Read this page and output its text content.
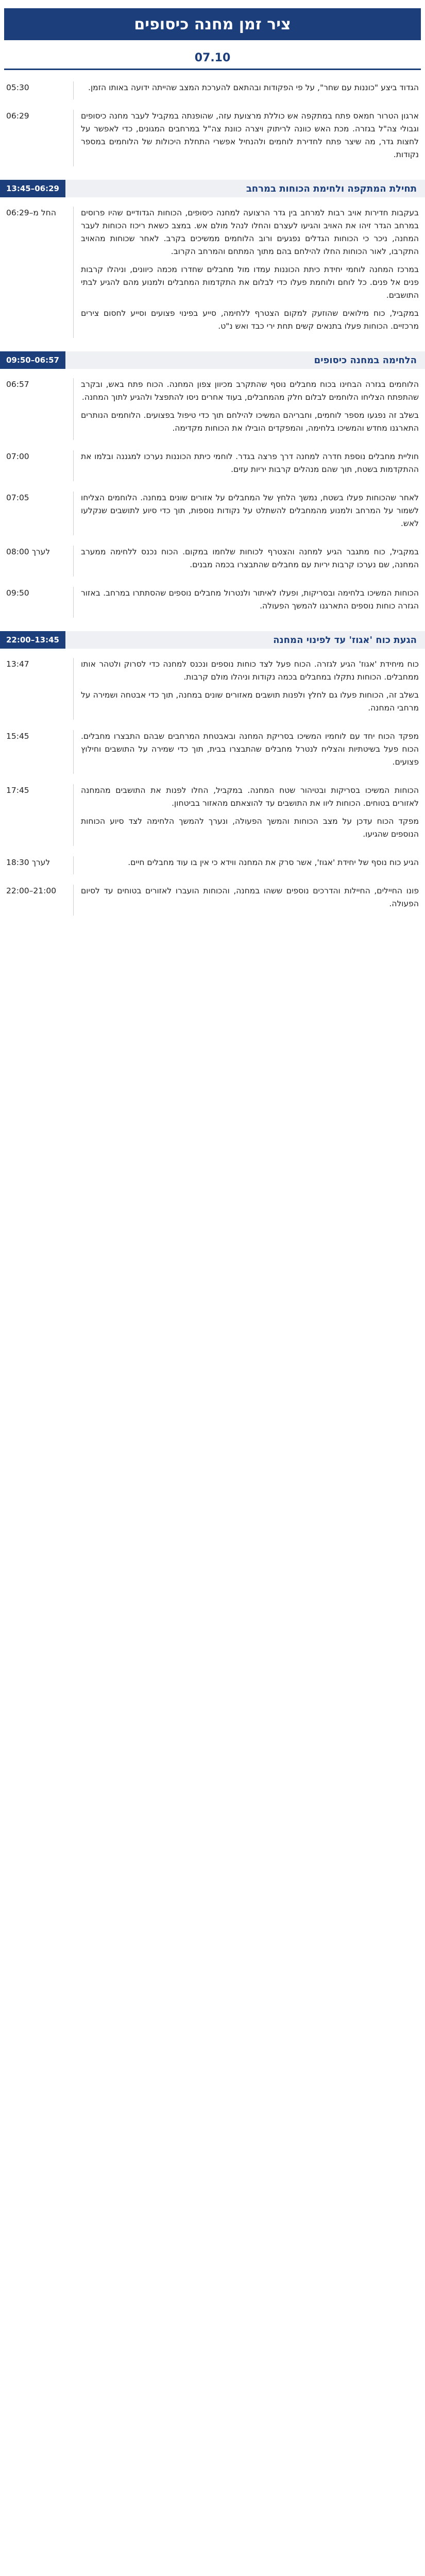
ציר זמן מחנה כיסופים
07.10

הגדוד ביצע "כוננות עם שחר", על פי הפקודות ובהתאם להערכת המצב שהייתה ידועה באותו הזמן.

05:30

ארגון הטרור חמאס פתח במתקפה אש כוללת מרצועת עזה, שהופנתה במקביל לעבר מחנה כיסופים וגבולי צה"ל בגזרה. מכת האש כוונה לריתוק ויצרה כוונת צה"ל במרחבים המגונים, כדי לאפשר על לחצות גדר, מה שיצר פתח לחדירת לוחמים ולהנחיל אפשרי התחלת היכולות של הלוחמים במספר נקודות.

06:29
תחילת המתקפה ולחימת הכוחות במרחב
13:45–06:29

בעקבות חדירות אויב רבות למרחב בין גדר הרצועה למחנה כיסופים, הכוחות הגדודיים שהיו פרוסים במרחב הגדר זיהו את האויב והגיעו לעצרם והחלו לנהל מולם אש. במצב כשאת ריכוז הכוחות לעבר המחנה, ניכר כי הכוחות הגדלים נפגעים ורוב הלוחמים ממשיכים בקרב. לאחר שכוחות מהאויב התקרבו, לאור הכוחות החלו להילחם בהם מתוך המתחם והמרחב הקרוב.

במרכז המחנה לוחמי יחידת כיתת הכוננות עמדו מול מחבלים שחדרו מכמה כיוונים, וניהלו קרבות פנים אל פנים. כל לוחם ולוחמת פעלו כדי לבלום את התקדמות המחבלים ולמנוע מהם להגיע לבתי התושבים.

במקביל, כוח מילואים שהוזעק למקום הצטרף ללחימה, סייע בפינוי פצועים וסייע לחסום צירים מרכזיים. הכוחות פעלו בתנאים קשים תחת ירי כבד ואש נ"ט.

החל מ–06:29
הלחימה במחנה כיסופים
09:50–06:57

הלוחמים בגזרה הבחינו בכוח מחבלים נוסף שהתקרב מכיוון צפון המחנה. הכוח פתח באש, ובקרב שהתפתח הצליחו הלוחמים לבלום חלק מהמחבלים, בעוד אחרים ניסו להתפצל ולהגיע לתוך המחנה.

בשלב זה נפגעו מספר לוחמים, וחבריהם המשיכו להילחם תוך כדי טיפול בפצועים. הלוחמים הנותרים התארגנו מחדש והמשיכו בלחימה, והמפקדים הובילו את הכוחות מקדימה.

06:57

חוליית מחבלים נוספת חדרה למחנה דרך פרצה בגדר. לוחמי כיתת הכוננות נערכו למגננה ובלמו את ההתקדמות בשטח, תוך שהם מנהלים קרבות יריות עזים.

07:00

לאחר שהכוחות פעלו בשטח, נמשך הלחץ של המחבלים על אזורים שונים במחנה. הלוחמים הצליחו לשמור על המרחב ולמנוע מהמחבלים להשתלט על נקודות נוספות, תוך כדי סיוע לתושבים שנקלעו לאש.

07:05

במקביל, כוח מתגבר הגיע למחנה והצטרף לכוחות שלחמו במקום. הכוח נכנס ללחימה ממערב המחנה, שם נערכו קרבות יריות עם מחבלים שהתבצרו בכמה מבנים.

08:00 לערך

הכוחות המשיכו בלחימה ובסריקות, ופעלו לאיתור ולנטרול מחבלים נוספים שהסתתרו במרחב. באזור הגזרה כוחות נוספים התארגנו להמשך הפעולה.

09:50
הגעת כוח 'אגוז' עד לפינוי המחנה
22:00–13:45

כוח מיחידת 'אגוז' הגיע לגזרה. הכוח פעל לצד כוחות נוספים ונכנס למחנה כדי לסרוק ולטהר אותו ממחבלים. הכוחות נתקלו במחבלים בכמה נקודות וניהלו מולם קרבות.

בשלב זה, הכוחות פעלו גם לחלץ ולפנות תושבים מאזורים שונים במחנה, תוך כדי אבטחה ושמירה על מרחבי המחנה.

13:47

מפקד הכוח יחד עם לוחמיו המשיכו בסריקת המחנה ובאבטחת המרחבים שבהם התבצרו מחבלים. הכוח פעל בשיטתיות והצליח לנטרל מחבלים שהתבצרו בבית, תוך כדי שמירה על התושבים וחילוץ פצועים.

15:45

הכוחות המשיכו בסריקות ובטיהור שטח המחנה. במקביל, החלו לפנות את התושבים מהמחנה לאזורים בטוחים. הכוחות ליוו את התושבים עד להוצאתם מהאזור בביטחון.

מפקד הכוח עדכן על מצב הכוחות והמשך הפעולה, ונערך להמשך הלחימה לצד סיוע הכוחות הנוספים שהגיעו.

17:45

הגיע כוח נוסף של יחידת 'אגוז', אשר סרק את המחנה ווידא כי אין בו עוד מחבלים חיים.

18:30 לערך

פונו החיילים, החיילות והדרכים נוספים ששהו במחנה, והכוחות הועברו לאזורים בטוחים עד לסיום הפעולה.

22:00–21:00
